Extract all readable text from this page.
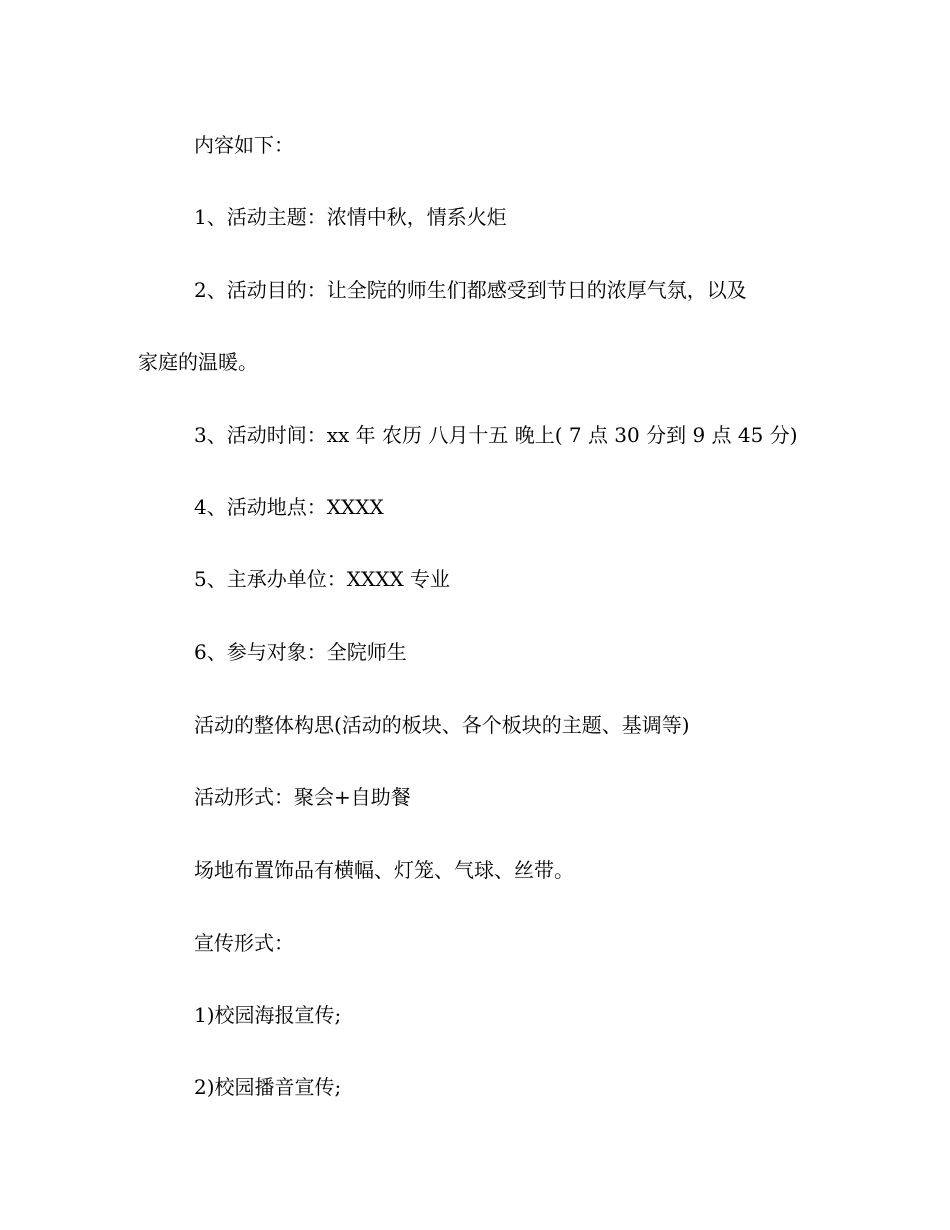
内容如下：
1、活动主题：浓情中秋，情系火炬
2、活动目的：让全院的师生们都感受到节日的浓厚气氛，以及
家庭的温暖。
3、活动时间：xx 年 农历 八月十五 晚上( 7 点 30 分到 9 点 45 分)
4、活动地点：XXXX
5、主承办单位：XXXX 专业
6、参与对象：全院师生
活动的整体构思(活动的板块、各个板块的主题、基调等)
活动形式：聚会+自助餐
场地布置饰品有横幅、灯笼、气球、丝带。
宣传形式：
1)校园海报宣传;
2)校园播音宣传;
